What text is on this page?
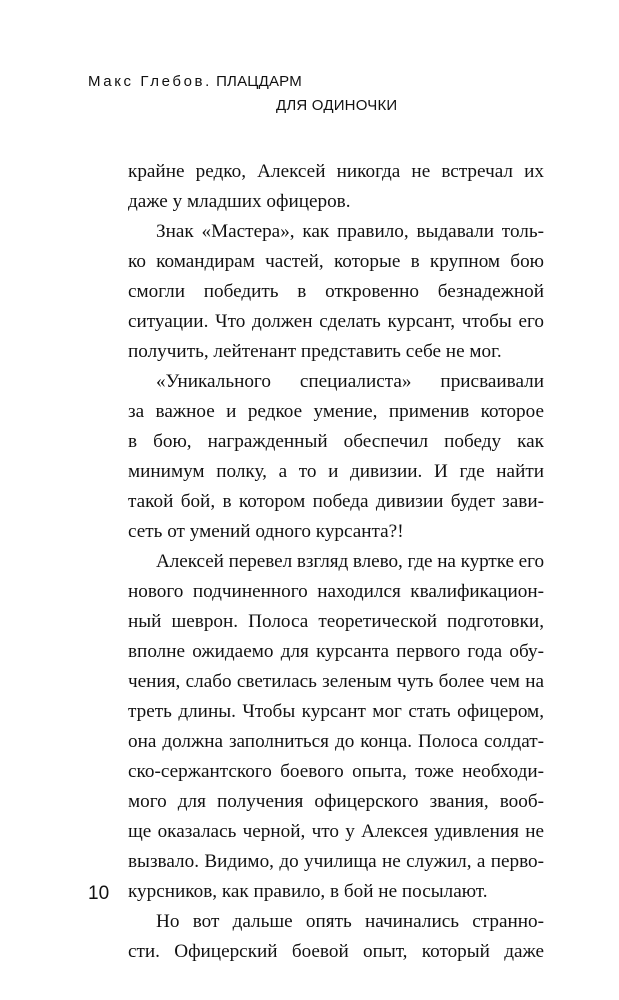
Макс Глебов. ПЛАЦДАРМ
ДЛЯ ОДИНОЧКИ
крайне редко, Алексей никогда не встречал их
даже у младших офицеров.
Знак «Мастера», как правило, выдавали толь-
ко командирам частей, которые в крупном бою
смогли победить в откровенно безнадежной
ситуации. Что должен сделать курсант, чтобы его
получить, лейтенант представить себе не мог.
«Уникального специалиста» присваивали
за важное и редкое умение, применив которое
в бою, награжденный обеспечил победу как
минимум полку, а то и дивизии. И где найти
такой бой, в котором победа дивизии будет зави-
сеть от умений одного курсанта?!
Алексей перевел взгляд влево, где на куртке его
нового подчиненного находился квалификацион-
ный шеврон. Полоса теоретической подготовки,
вполне ожидаемо для курсанта первого года обу-
чения, слабо светилась зеленым чуть более чем на
треть длины. Чтобы курсант мог стать офицером,
она должна заполниться до конца. Полоса солдат-
ско-сержантского боевого опыта, тоже необходи-
мого для получения офицерского звания, вооб-
ще оказалась черной, что у Алексея удивления не
вызвало. Видимо, до училища не служил, а перво-
курсников, как правило, в бой не посылают.
Но вот дальше опять начинались странно-
сти. Офицерский боевой опыт, который даже
10
